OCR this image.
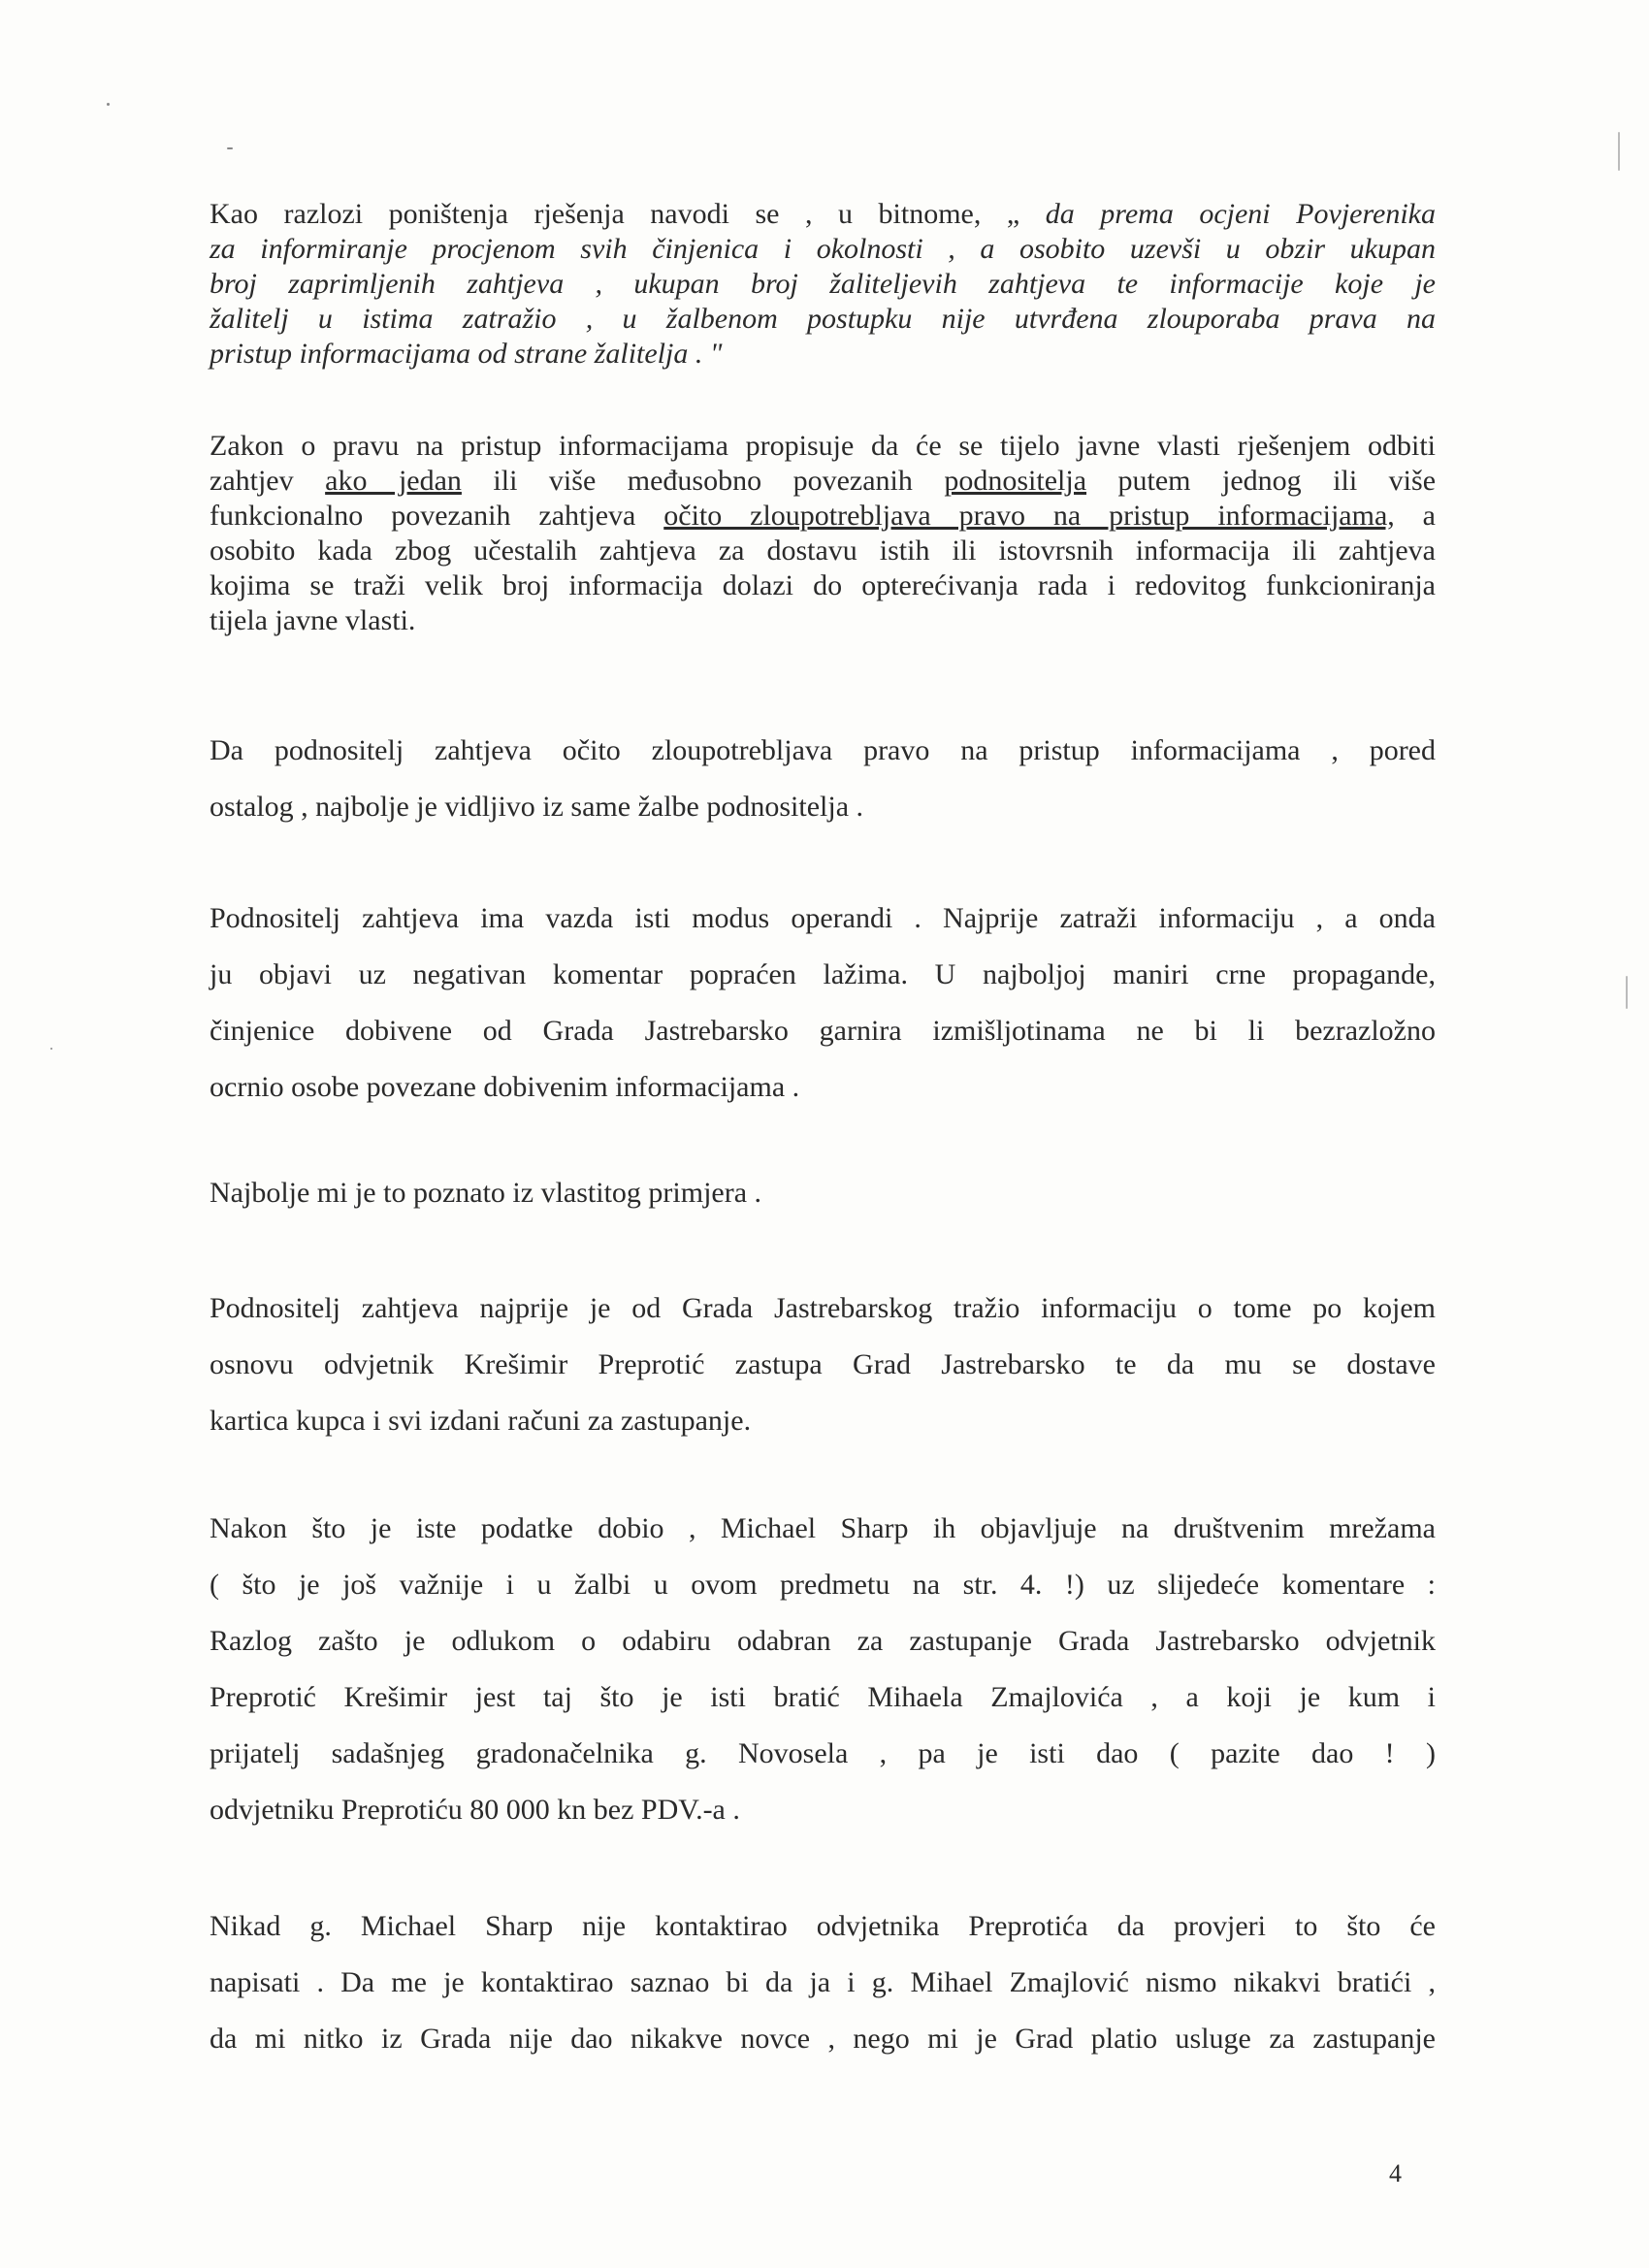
Kao razlozi poništenja rješenja navodi se , u bitnome, „ da prema ocjeni Povjerenika
za informiranje procjenom svih činjenica i okolnosti , a osobito uzevši u obzir ukupan
broj zaprimljenih zahtjeva , ukupan broj žaliteljevih zahtjeva te informacije koje je
žalitelj u istima zatražio , u žalbenom postupku nije utvrđena zlouporaba prava na
pristup informacijama od strane žalitelja . "
Zakon o pravu na pristup informacijama propisuje da će se tijelo javne vlasti rješenjem odbiti
zahtjev ako jedan ili više međusobno povezanih podnositelja putem jednog ili više
funkcionalno povezanih zahtjeva očito zloupotrebljava pravo na pristup informacijama, a
osobito kada zbog učestalih zahtjeva za dostavu istih ili istovrsnih informacija ili zahtjeva
kojima se traži velik broj informacija dolazi do opterećivanja rada i redovitog funkcioniranja
tijela javne vlasti.
Da podnositelj zahtjeva očito zloupotrebljava pravo na pristup informacijama , pored
ostalog , najbolje je vidljivo iz same žalbe podnositelja .
Podnositelj zahtjeva ima vazda isti modus operandi . Najprije zatraži informaciju , a onda
ju objavi uz negativan komentar popraćen lažima. U najboljoj maniri crne propagande,
činjenice dobivene od Grada Jastrebarsko garnira izmišljotinama ne bi li bezrazložno
ocrnio osobe povezane dobivenim informacijama .
Najbolje mi je to poznato iz vlastitog primjera .
Podnositelj zahtjeva najprije je od Grada Jastrebarskog tražio informaciju o tome po kojem
osnovu odvjetnik Krešimir Preprotić zastupa Grad Jastrebarsko te da mu se dostave
kartica kupca i svi izdani računi za zastupanje.
Nakon što je iste podatke dobio , Michael Sharp ih objavljuje na društvenim mrežama
( što je još važnije i u žalbi u ovom predmetu na str. 4. !) uz slijedeće komentare :
Razlog zašto je odlukom o odabiru odabran za zastupanje Grada Jastrebarsko odvjetnik
Preprotić Krešimir jest taj što je isti bratić Mihaela Zmajlovića , a koji je kum i
prijatelj sadašnjeg gradonačelnika g. Novosela , pa je isti dao ( pazite dao ! )
odvjetniku Preprotiću 80 000 kn bez PDV.-a .
Nikad g. Michael Sharp nije kontaktirao odvjetnika Preprotića da provjeri to što će
napisati . Da me je kontaktirao saznao bi da ja i g. Mihael Zmajlović nismo nikakvi bratići ,
da mi nitko iz Grada nije dao nikakve novce , nego mi je Grad platio usluge za zastupanje
4
